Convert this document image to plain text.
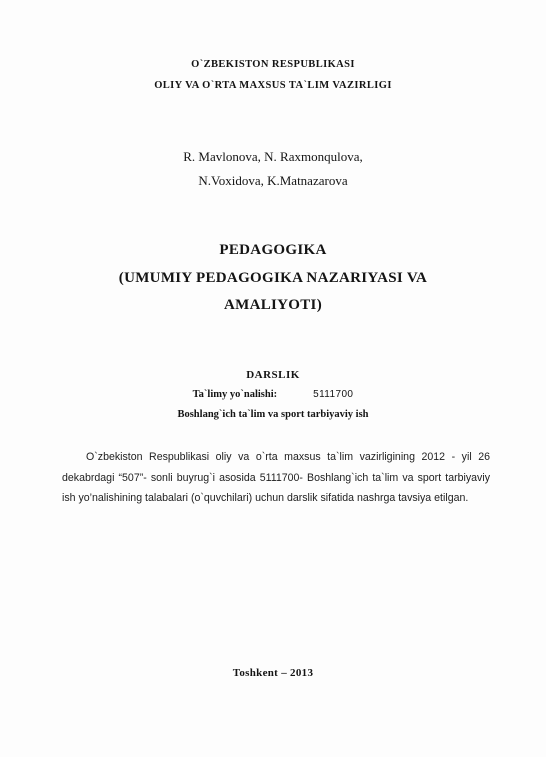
O`ZBEKISTON RESPUBLIKASI
OLIY VA O`RTA MAXSUS TA`LIM VAZIRLIGI
R. Mavlonova, N. Raxmonqulova,
N.Voxidova, K.Matnazarova
PEDAGOGIKA
(UMUMIY PEDAGOGIKA NAZARIYASI VA
AMALIYOTI)
DARSLIK
Ta`limy yo`nalishi:	5111700
Boshlang`ich ta`lim va sport tarbiyaviy ish
O`zbekiston Respublikasi oliy va o`rta maxsus ta`lim vazirligining 2012 - yil 26 dekabrdagi “507”- sonli buyrug`i asosida 5111700- Boshlang`ich ta`lim va sport tarbiyaviy ish yo’nalishining talabalari (o`quvchilari) uchun darslik sifatida nashrga tavsiya etilgan.
Toshkent – 2013
